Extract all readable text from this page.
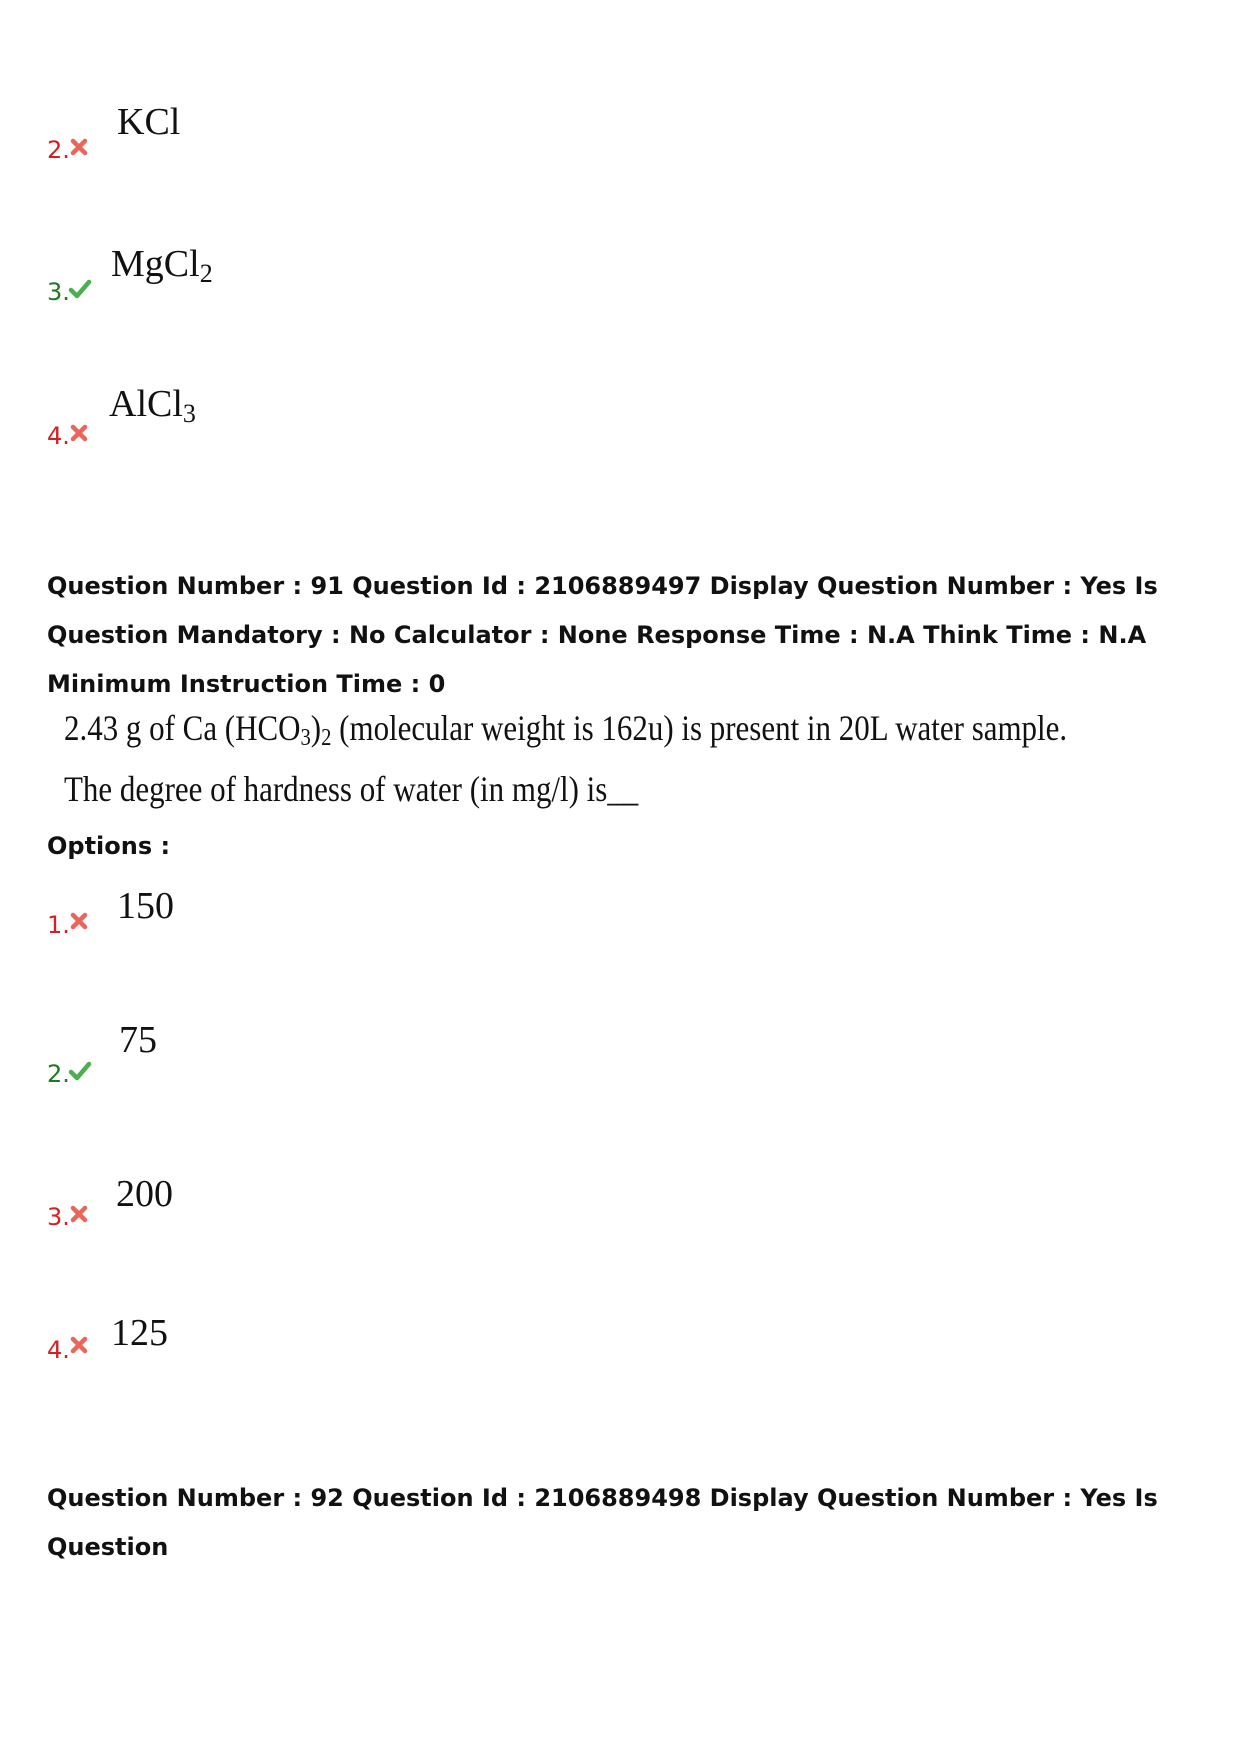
2.
KCl
3.
MgCl$_2$
4.
AlCl$_3$

Question Number : 91 Question Id : 2106889497 Display Question Number : Yes Is Question Mandatory : No Calculator : None Response Time : N.A Think Time : N.A Minimum Instruction Time : 0

2.43 g of Ca $(HCO_3)_2$ (molecular weight is 162u) is present in 20L water sample.
The degree of hardness of water (in mg/l) is__
Options :
1. 150
2.
75
3.
200
4. 125

Question Number : 92 Question Id : 2106889498 Display Question Number : Yes Is Question
